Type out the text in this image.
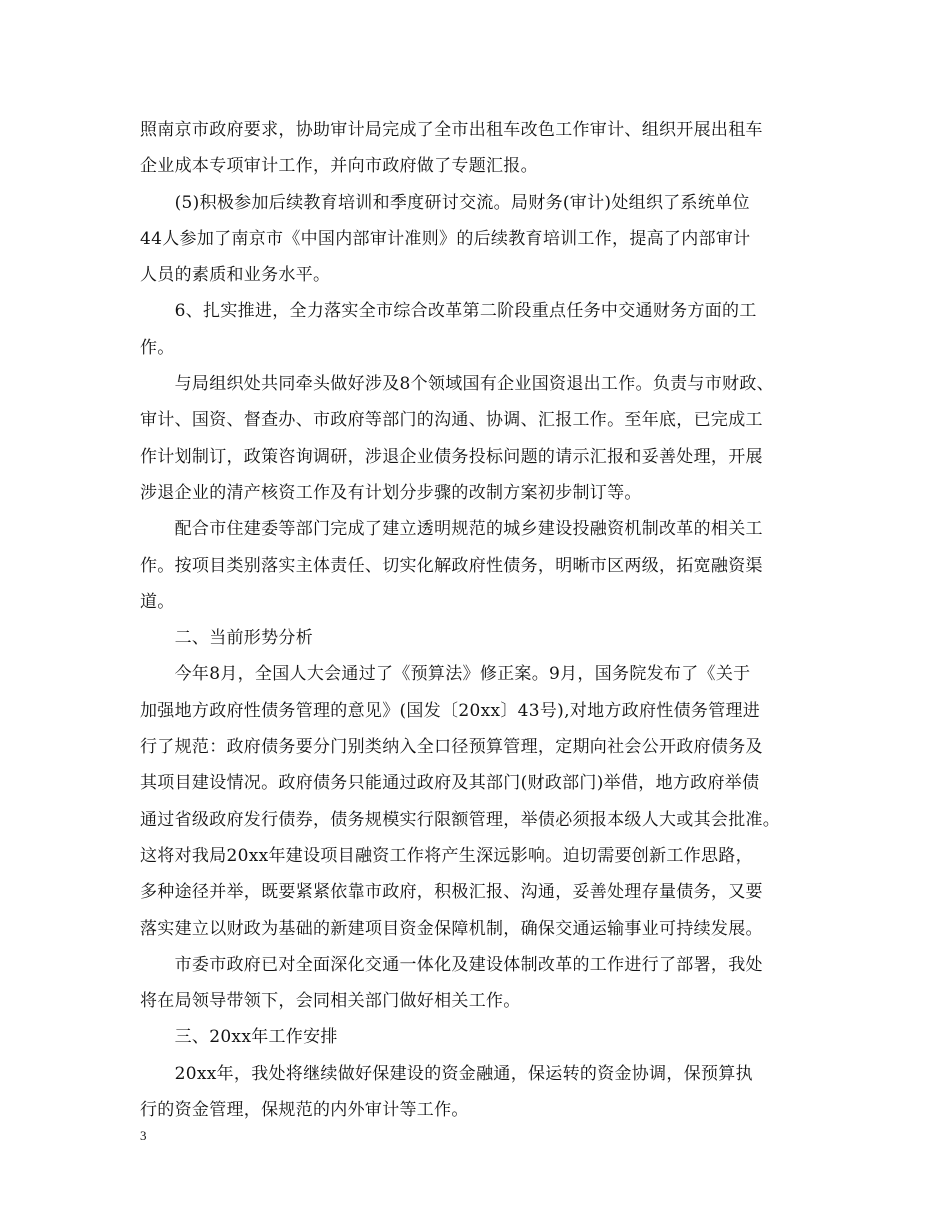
照南京市政府要求，协助审计局完成了全市出租车改色工作审计、组织开展出租车
企业成本专项审计工作，并向市政府做了专题汇报。
　　(5)积极参加后续教育培训和季度研讨交流。局财务(审计)处组织了系统单位
44人参加了南京市《中国内部审计准则》的后续教育培训工作，提高了内部审计
人员的素质和业务水平。
　　6、扎实推进，全力落实全市综合改革第二阶段重点任务中交通财务方面的工
作。
　　与局组织处共同牵头做好涉及8个领域国有企业国资退出工作。负责与市财政、
审计、国资、督查办、市政府等部门的沟通、协调、汇报工作。至年底，已完成工
作计划制订，政策咨询调研，涉退企业债务投标问题的请示汇报和妥善处理，开展
涉退企业的清产核资工作及有计划分步骤的改制方案初步制订等。
　　配合市住建委等部门完成了建立透明规范的城乡建设投融资机制改革的相关工
作。按项目类别落实主体责任、切实化解政府性债务，明晰市区两级，拓宽融资渠
道。
　　二、当前形势分析
　　今年8月，全国人大会通过了《预算法》修正案。9月，国务院发布了《关于
加强地方政府性债务管理的意见》(国发〔20xx〕43号),对地方政府性债务管理进
行了规范：政府债务要分门别类纳入全口径预算管理，定期向社会公开政府债务及
其项目建设情况。政府债务只能通过政府及其部门(财政部门)举借，地方政府举债
通过省级政府发行债券，债务规模实行限额管理，举债必须报本级人大或其会批准。
这将对我局20xx年建设项目融资工作将产生深远影响。迫切需要创新工作思路，
多种途径并举，既要紧紧依靠市政府，积极汇报、沟通，妥善处理存量债务，又要
落实建立以财政为基础的新建项目资金保障机制，确保交通运输事业可持续发展。
　　市委市政府已对全面深化交通一体化及建设体制改革的工作进行了部署，我处
将在局领导带领下，会同相关部门做好相关工作。
　　三、20xx年工作安排
　　20xx年，我处将继续做好保建设的资金融通，保运转的资金协调，保预算执
行的资金管理，保规范的内外审计等工作。
3
